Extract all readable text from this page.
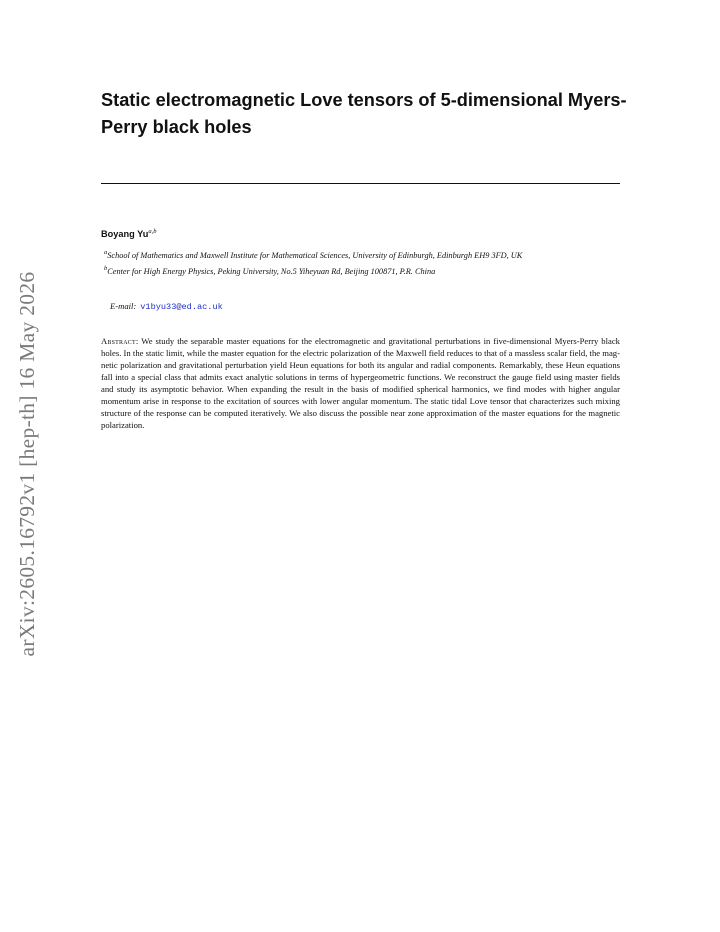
arXiv:2605.16792v1 [hep-th] 16 May 2026
Static electromagnetic Love tensors of 5-dimensional Myers-Perry black holes
Boyang Yu$^{a,b}$
$^a$School of Mathematics and Maxwell Institute for Mathematical Sciences, University of Edinburgh, Edinburgh EH9 3FD, UK
$^b$Center for High Energy Physics, Peking University, No.5 Yiheyuan Rd, Beijing 100871, P.R. China
E-mail: v1byu33@ed.ac.uk
Abstract: We study the separable master equations for the electromagnetic and gravitational perturbations in five-dimensional Myers-Perry black holes. In the static limit, while the master equation for the electric polarization of the Maxwell field reduces to that of a massless scalar field, the magnetic polarization and gravitational perturbation yield Heun equations for both its angular and radial components. Remarkably, these Heun equations fall into a special class that admits exact analytic solutions in terms of hypergeometric functions. We reconstruct the gauge field using master fields and study its asymptotic behavior. When expanding the result in the basis of modified spherical harmonics, we find modes with higher angular momentum arise in response to the excitation of sources with lower angular momentum. The static tidal Love tensor that characterizes such mixing structure of the response can be computed iteratively. We also discuss the possible near zone approximation of the master equations for the magnetic polarization.
